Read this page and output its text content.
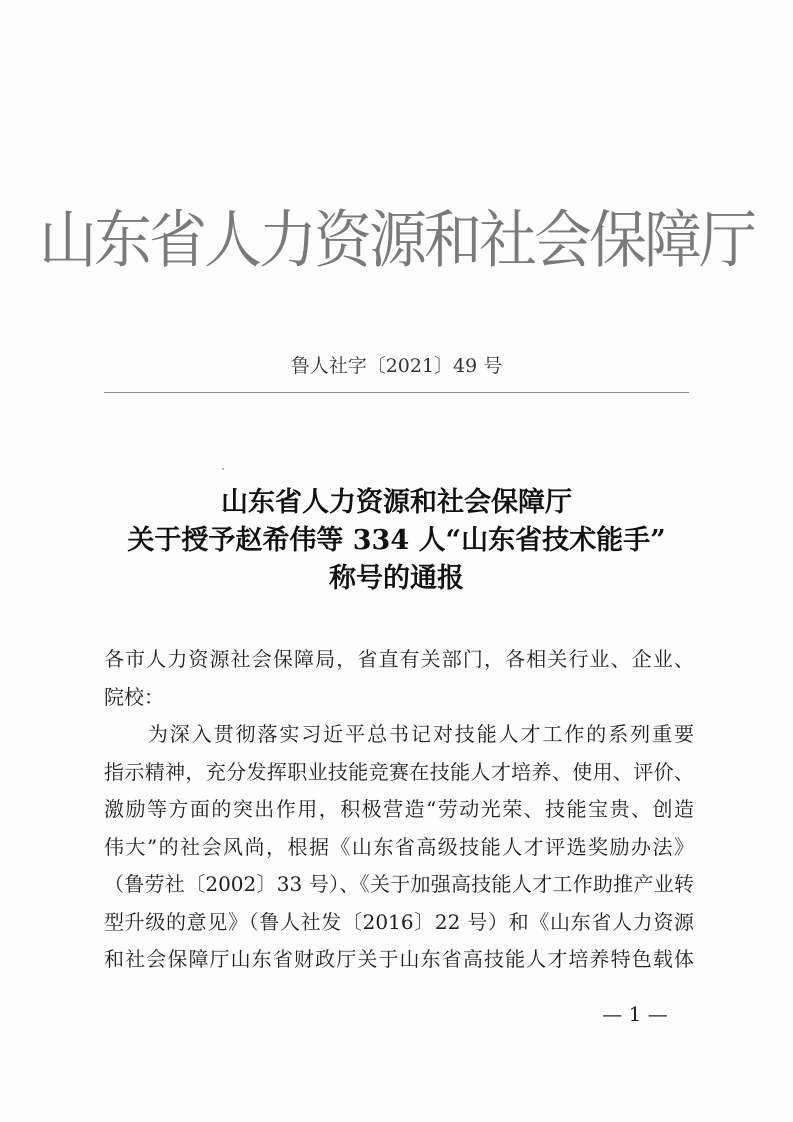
山东省人力资源和社会保障厅
鲁人社字〔2021〕49 号
山东省人力资源和社会保障厅
关于授予赵希伟等 334 人“山东省技术能手”
称号的通报
各市人力资源社会保障局，省直有关部门，各相关行业、企业、
院校：
　　为深入贯彻落实习近平总书记对技能人才工作的系列重要
指示精神，充分发挥职业技能竞赛在技能人才培养、使用、评价、
激励等方面的突出作用，积极营造“劳动光荣、技能宝贵、创造
伟大”的社会风尚，根据《山东省高级技能人才评选奖励办法》
（鲁劳社〔2002〕33 号）、《关于加强高技能人才工作助推产业转
型升级的意见》（鲁人社发〔2016〕22 号）和《山东省人力资源
和社会保障厅山东省财政厅关于山东省高技能人才培养特色载体
— 1 —
